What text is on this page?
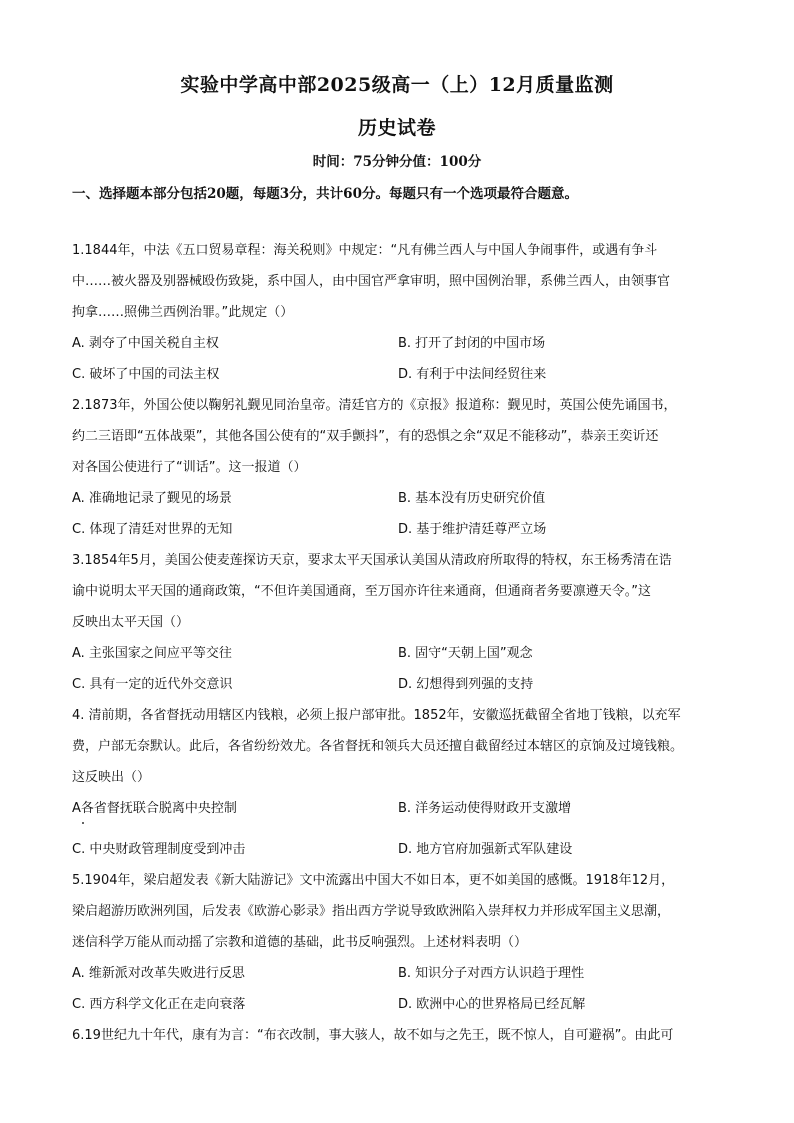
实验中学高中部2025级高一（上）12月质量监测
历史试卷
时间：75分钟分值：100分
一、选择题本部分包括20题，每题3分，共计60分。每题只有一个选项最符合题意。
1.1844年，中法《五口贸易章程：海关税则》中规定：“凡有佛兰西人与中国人争闹事件，或遇有争斗
中……被火器及别器械殴伤致毙，系中国人，由中国官严拿审明，照中国例治罪，系佛兰西人，由领事官
拘拿……照佛兰西例治罪。”此规定（）
A. 剥夺了中国关税自主权	B. 打开了封闭的中国市场
C. 破坏了中国的司法主权	D. 有利于中法间经贸往来
2.1873年，外国公使以鞠躬礼觐见同治皇帝。清廷官方的《京报》报道称：觐见时，英国公使先诵国书，
约二三语即“五体战栗”，其他各国公使有的“双手颤抖”，有的恐惧之余“双足不能移动”，恭亲王奕䜣还
对各国公使进行了“训话”。这一报道（）
A. 准确地记录了觐见的场景	B. 基本没有历史研究价值
C. 体现了清廷对世界的无知	D. 基于维护清廷尊严立场
3.1854年5月，美国公使麦莲探访天京，要求太平天国承认美国从清政府所取得的特权，东王杨秀清在诰
谕中说明太平天国的通商政策，“不但许美国通商，至万国亦许往来通商，但通商者务要凛遵天令。”这
反映出太平天国（）
A. 主张国家之间应平等交往	B. 固守“天朝上国”观念
C. 具有一定的近代外交意识	D. 幻想得到列强的支持
4. 清前期，各省督抚动用辖区内钱粮，必须上报户部审批。1852年，安徽巡抚截留全省地丁钱粮，以充军
费，户部无奈默认。此后，各省纷纷效尤。各省督抚和领兵大员还擅自截留经过本辖区的京饷及过境钱粮。
这反映出（）
A各省督抚联合脱离中央控制	B. 洋务运动使得财政开支激增
C. 中央财政管理制度受到冲击	D. 地方官府加强新式军队建设
5.1904年，梁启超发表《新大陆游记》文中流露出中国大不如日本，更不如美国的感慨。1918年12月，
梁启超游历欧洲列国，后发表《欧游心影录》指出西方学说导致欧洲陷入崇拜权力并形成军国主义思潮，
迷信科学万能从而动摇了宗教和道德的基础，此书反响强烈。上述材料表明（）
A. 维新派对改革失败进行反思	B. 知识分子对西方认识趋于理性
C. 西方科学文化正在走向衰落	D. 欧洲中心的世界格局已经瓦解
6.19世纪九十年代，康有为言：“布衣改制，事大骇人，故不如与之先王，既不惊人，自可避祸”。由此可
